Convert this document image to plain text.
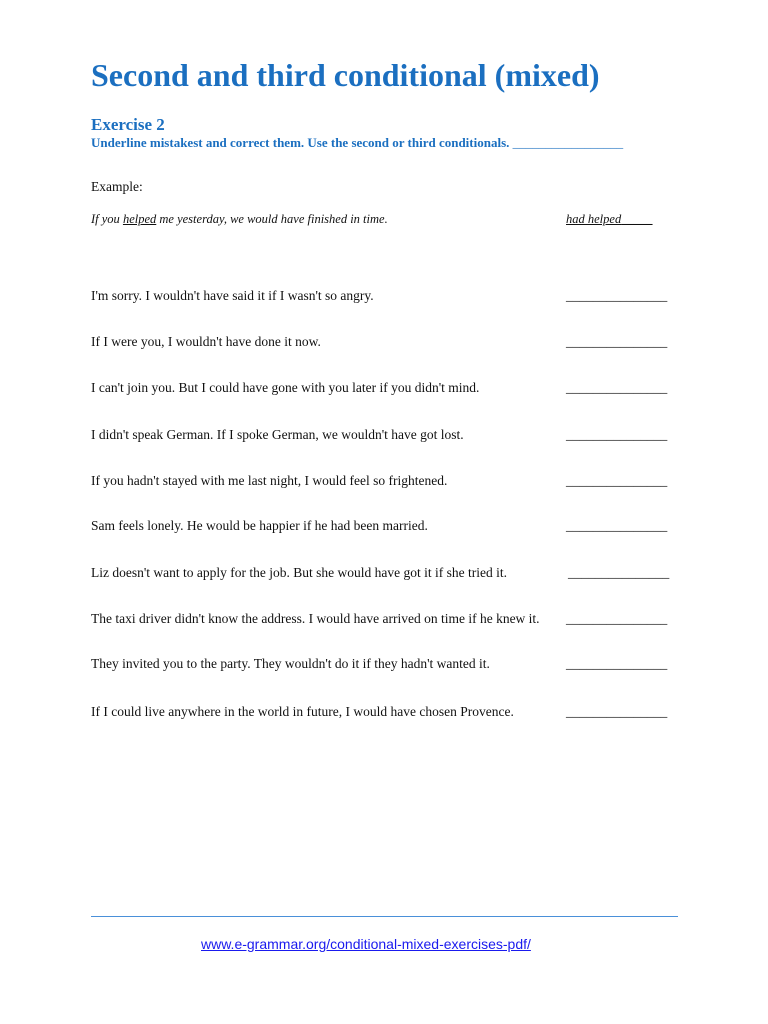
Second and third conditional (mixed)
Exercise 2
Underline mistakest and correct them. Use the second or third conditionals. _________________
Example:
If you helped me yesterday, we would have finished in time.	had helped_____
I'm sorry. I wouldn't have said it if I wasn't so angry.	_______________
If I were you, I wouldn't have done it now.	_______________
I can't join you. But I could have gone with you later if you didn't mind.	_______________
I didn't speak German. If I spoke German, we wouldn't have got lost.	_______________
If you hadn't stayed with me last night, I would feel so frightened.	_______________
Sam feels lonely. He would be happier if he had been married.	_______________
Liz doesn't want to apply for the job. But she would have got it if she tried it.	_______________
The taxi driver didn't know the address. I would have arrived on time if he knew it. _______________
They invited you to the party. They wouldn't do it if they hadn't wanted it.	_______________
If I could live anywhere in the world in future, I would have chosen Provence.	_______________
www.e-grammar.org/conditional-mixed-exercises-pdf/
